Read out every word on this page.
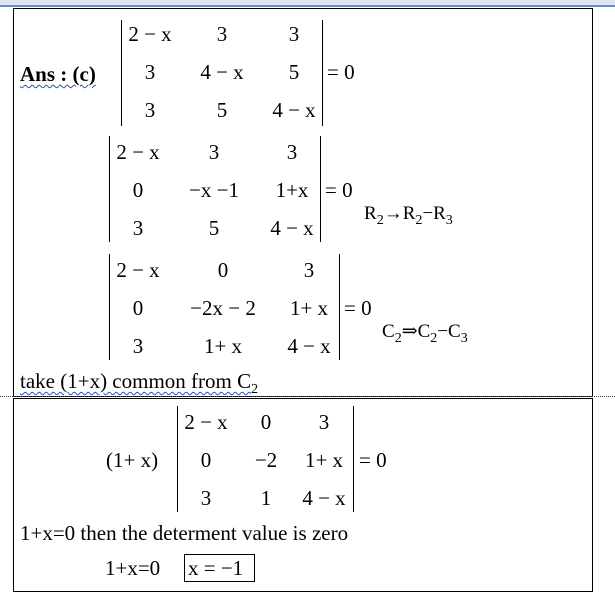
Ans : (c)
2 − x	3	3
3	4 − x	5
3	5	4 − x
= 0
2 − x	3	3
0	−x −1	1+x
3	5	4 − x
= 0
$R_2\to R_2-R_3$
2 − x	0	3
0	−2x − 2	1+ x
3	1+ x	4 − x
= 0
$C_2\Rightarrow C_2-C_3$
take (1+x) common from $C_2$
(1+ x)
2 − x	0	3
0	−2	1+ x
3	1	4 − x
= 0
1+x=0 then the determent value is zero
1+x=0 x = −1
